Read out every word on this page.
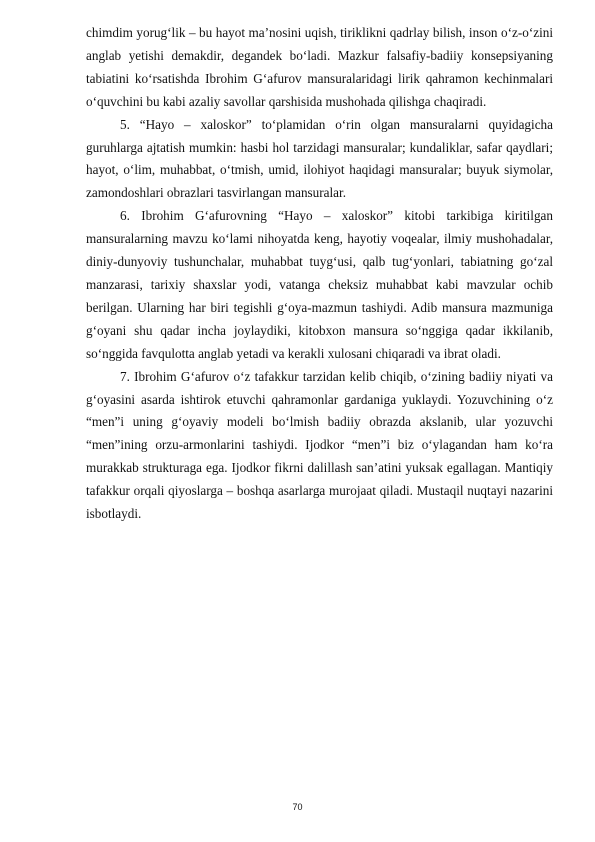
chimdim yorug‘lik – bu hayot ma’nosini uqish, tiriklikni qadrlay bilish, inson o‘z-o‘zini anglab yetishi demakdir, degandek bo‘ladi. Mazkur falsafiy-badiiy konsepsiyaning tabiatini ko‘rsatishda Ibrohim G‘afurov mansuralaridagi lirik qahramon kechinmalari o‘quvchini bu kabi azaliy savollar qarshisida mushohada qilishga chaqiradi.

5. “Hayo – xaloskor” to‘plamidan o‘rin olgan mansuralarni quyidagicha guruhlarga ajtatish mumkin: hasbi hol tarzidagi mansuralar; kundaliklar, safar qaydlari; hayot, o‘lim, muhabbat, o‘tmish, umid, ilohiyot haqidagi mansuralar; buyuk siymolar, zamondoshlari obrazlari tasvirlangan mansuralar.

6. Ibrohim G‘afurovning “Hayo – xaloskor” kitobi tarkibiga kiritilgan mansuralarning mavzu ko‘lami nihoyatda keng, hayotiy voqealar, ilmiy mushohadalar, diniy-dunyoviy tushunchalar, muhabbat tuyg‘usi, qalb tug‘yonlari, tabiatning go‘zal manzarasi, tarixiy shaxslar yodi, vatanga cheksiz muhabbat kabi mavzular ochib berilgan. Ularning har biri tegishli g‘oya-mazmun tashiydi. Adib mansura mazmuniga g‘oyani shu qadar incha joylaydiki, kitobxon mansura so‘nggiga qadar ikkilanib, so‘nggida favqulotta anglab yetadi va kerakli xulosani chiqaradi va ibrat oladi.

7. Ibrohim G‘afurov o‘z tafakkur tarzidan kelib chiqib, o‘zining badiiy niyati va g‘oyasini asarda ishtirok etuvchi qahramonlar gardaniga yuklaydi. Yozuvchining o‘z “men”i uning g‘oyaviy modeli bo‘lmish badiiy obrazda akslanib, ular yozuvchi “men”ining orzu-armonlarini tashiydi. Ijodkor “men”i biz o‘ylagandan ham ko‘ra murakkab strukturaga ega. Ijodkor fikrni dalillash san’atini yuksak egallagan. Mantiqiy tafakkur orqali qiyoslarga – boshqa asarlarga murojaat qiladi. Mustaqil nuqtayi nazarini isbotlaydi.

70
